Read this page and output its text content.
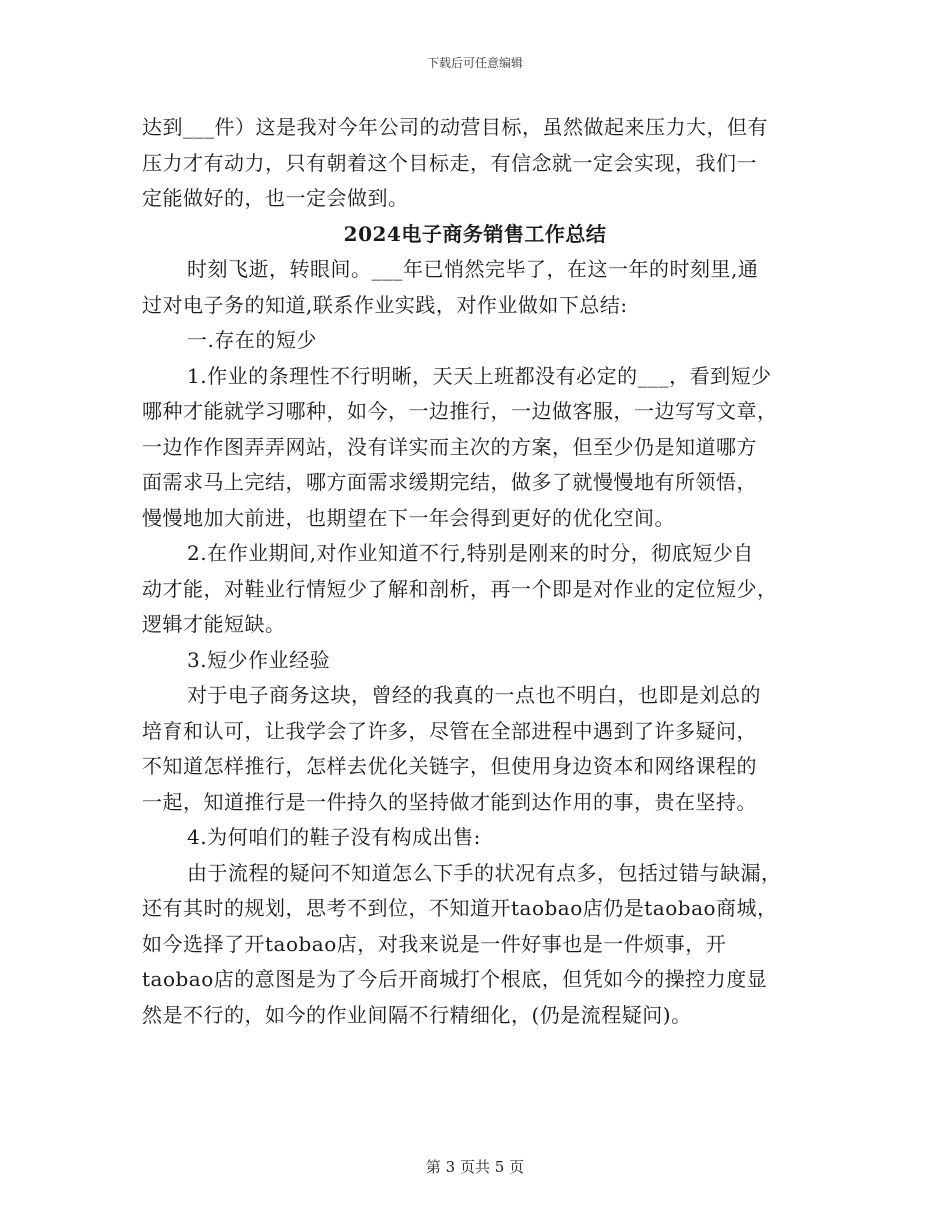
下载后可任意编辑
达到___件）这是我对今年公司的动营目标，虽然做起来压力大，但有
压力才有动力，只有朝着这个目标走，有信念就一定会实现，我们一
定能做好的，也一定会做到。
2024电子商务销售工作总结
时刻飞逝，转眼间。___年已悄然完毕了，在这一年的时刻里,通
过对电子务的知道,联系作业实践，对作业做如下总结:
一.存在的短少
1.作业的条理性不行明晰，天天上班都没有必定的___，看到短少
哪种才能就学习哪种，如今，一边推行，一边做客服，一边写写文章，
一边作作图弄弄网站，没有详实而主次的方案，但至少仍是知道哪方
面需求马上完结，哪方面需求缓期完结，做多了就慢慢地有所领悟，
慢慢地加大前进，也期望在下一年会得到更好的优化空间。
2.在作业期间,对作业知道不行,特别是刚来的时分，彻底短少自
动才能，对鞋业行情短少了解和剖析，再一个即是对作业的定位短少，
逻辑才能短缺。
3.短少作业经验
对于电子商务这块，曾经的我真的一点也不明白，也即是刘总的
培育和认可，让我学会了许多，尽管在全部进程中遇到了许多疑问，
不知道怎样推行，怎样去优化关链字，但使用身边资本和网络课程的
一起，知道推行是一件持久的坚持做才能到达作用的事，贵在坚持。
4.为何咱们的鞋子没有构成出售:
由于流程的疑问不知道怎么下手的状况有点多，包括过错与缺漏，
还有其时的规划，思考不到位，不知道开taobao店仍是taobao商城，
如今选择了开taobao店，对我来说是一件好事也是一件烦事，开
taobao店的意图是为了今后开商城打个根底，但凭如今的操控力度显
然是不行的，如今的作业间隔不行精细化，(仍是流程疑问)。
第 3 页共 5 页
